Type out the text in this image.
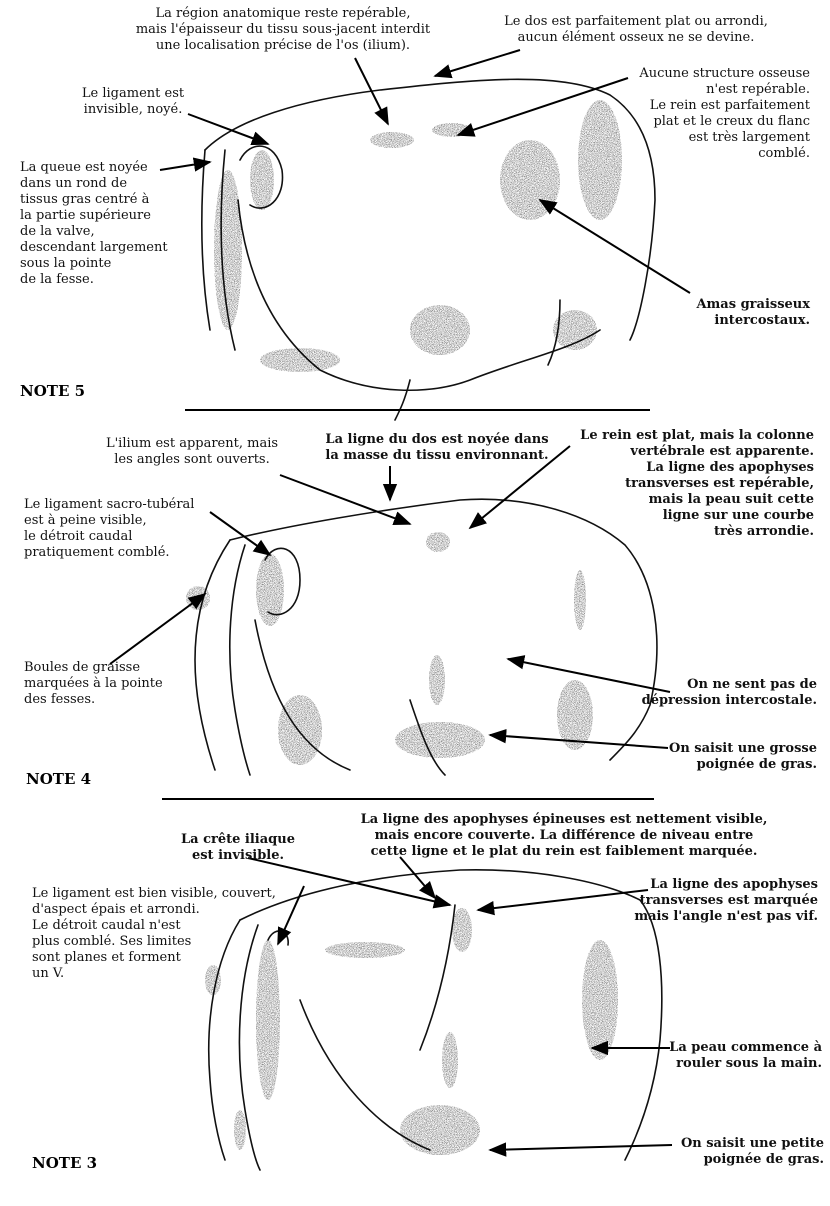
La région anatomique reste repérable,
mais l'épaisseur du tissu sous-jacent interdit
une localisation précise de l'os (ilium).
Le dos est parfaitement plat ou arrondi,
aucun élément osseux ne se devine.
Le ligament est
invisible, noyé.
Aucune structure osseuse
n'est repérable.
Le rein est parfaitement
plat et le creux du flanc
est très largement
comblé.
La queue est noyée
dans un rond de
tissus gras centré à
la partie supérieure
de la valve,
descendant largement
sous la pointe
de la fesse.
Amas graisseux
intercostaux.
NOTE 5
L'ilium est apparent, mais
les angles sont ouverts.
La ligne du dos est noyée dans
la masse du tissu environnant.
Le rein est plat, mais la colonne
vertébrale est apparente.
La ligne des apophyses
transverses est repérable,
mais la peau suit cette
ligne sur une courbe
très arrondie.
Le ligament sacro-tubéral
est à peine visible,
le détroit caudal
pratiquement comblé.
Boules de graisse
marquées à la pointe
des fesses.
On ne sent pas de
dépression intercostale.
On saisit une grosse
poignée de gras.
NOTE 4
La crête iliaque
est invisible.
La ligne des apophyses épineuses est nettement visible,
mais encore couverte. La différence de niveau entre
cette ligne et le plat du rein est faiblement marquée.
Le ligament est bien visible, couvert,
d'aspect épais et arrondi.
Le détroit caudal n'est
plus comblé. Ses limites
sont planes et forment
un V.
La ligne des apophyses
transverses est marquée
mais l'angle n'est pas vif.
La peau commence à
rouler sous la main.
On saisit une petite
poignée de gras.
NOTE 3
